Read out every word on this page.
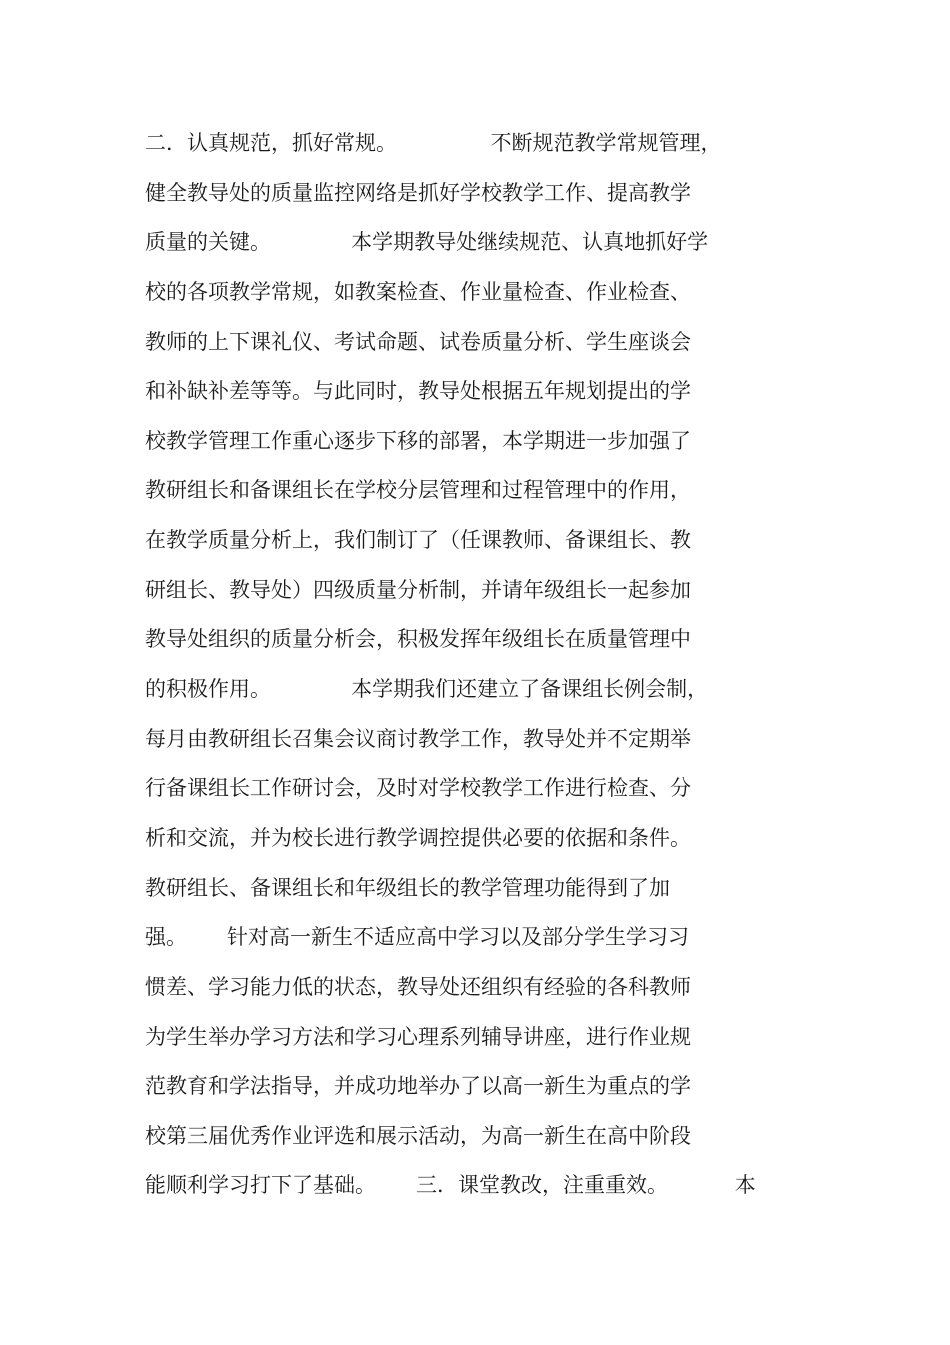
二．认真规范，抓好常规。              不断规范教学常规管理，
健全教导处的质量监控网络是抓好学校教学工作、提高教学
质量的关键。            本学期教导处继续规范、认真地抓好学
校的各项教学常规，如教案检查、作业量检查、作业检查、
教师的上下课礼仪、考试命题、试卷质量分析、学生座谈会
和补缺补差等等。与此同时，教导处根据五年规划提出的学
校教学管理工作重心逐步下移的部署，本学期进一步加强了
教研组长和备课组长在学校分层管理和过程管理中的作用，
在教学质量分析上，我们制订了（任课教师、备课组长、教
研组长、教导处）四级质量分析制，并请年级组长一起参加
教导处组织的质量分析会，积极发挥年级组长在质量管理中
的积极作用。            本学期我们还建立了备课组长例会制，
每月由教研组长召集会议商讨教学工作，教导处并不定期举
行备课组长工作研讨会，及时对学校教学工作进行检查、分
析和交流，并为校长进行教学调控提供必要的依据和条件。
教研组长、备课组长和年级组长的教学管理功能得到了加
强。      针对高一新生不适应高中学习以及部分学生学习习
惯差、学习能力低的状态，教导处还组织有经验的各科教师
为学生举办学习方法和学习心理系列辅导讲座，进行作业规
范教育和学法指导，并成功地举办了以高一新生为重点的学
校第三届优秀作业评选和展示活动，为高一新生在高中阶段
能顺利学习打下了基础。      三．课堂教改，注重重效。          本
